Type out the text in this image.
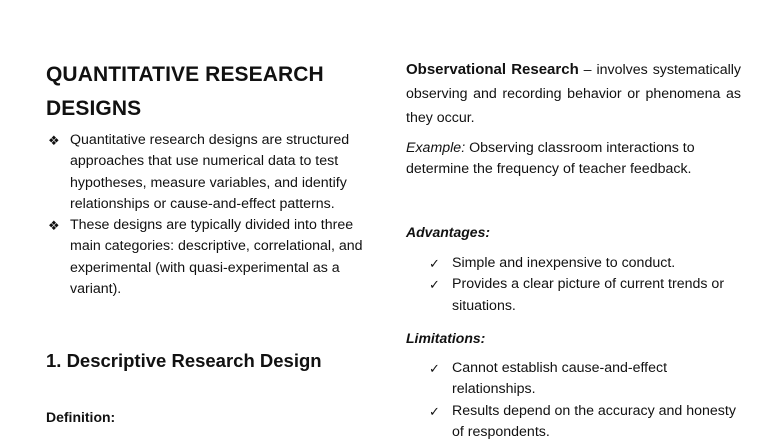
QUANTITATIVE RESEARCH DESIGNS
❖ Quantitative research designs are structured approaches that use numerical data to test hypotheses, measure variables, and identify relationships or cause-and-effect patterns.
❖ These designs are typically divided into three main categories: descriptive, correlational, and experimental (with quasi-experimental as a variant).
1. Descriptive Research Design

Definition:

Observational Research – involves systematically observing and recording behavior or phenomena as they occur.

Example: Observing classroom interactions to determine the frequency of teacher feedback.

Advantages:

✓ Simple and inexpensive to conduct.
✓ Provides a clear picture of current trends or situations.

Limitations:

✓ Cannot establish cause-and-effect relationships.
✓ Results depend on the accuracy and honesty of respondents.
